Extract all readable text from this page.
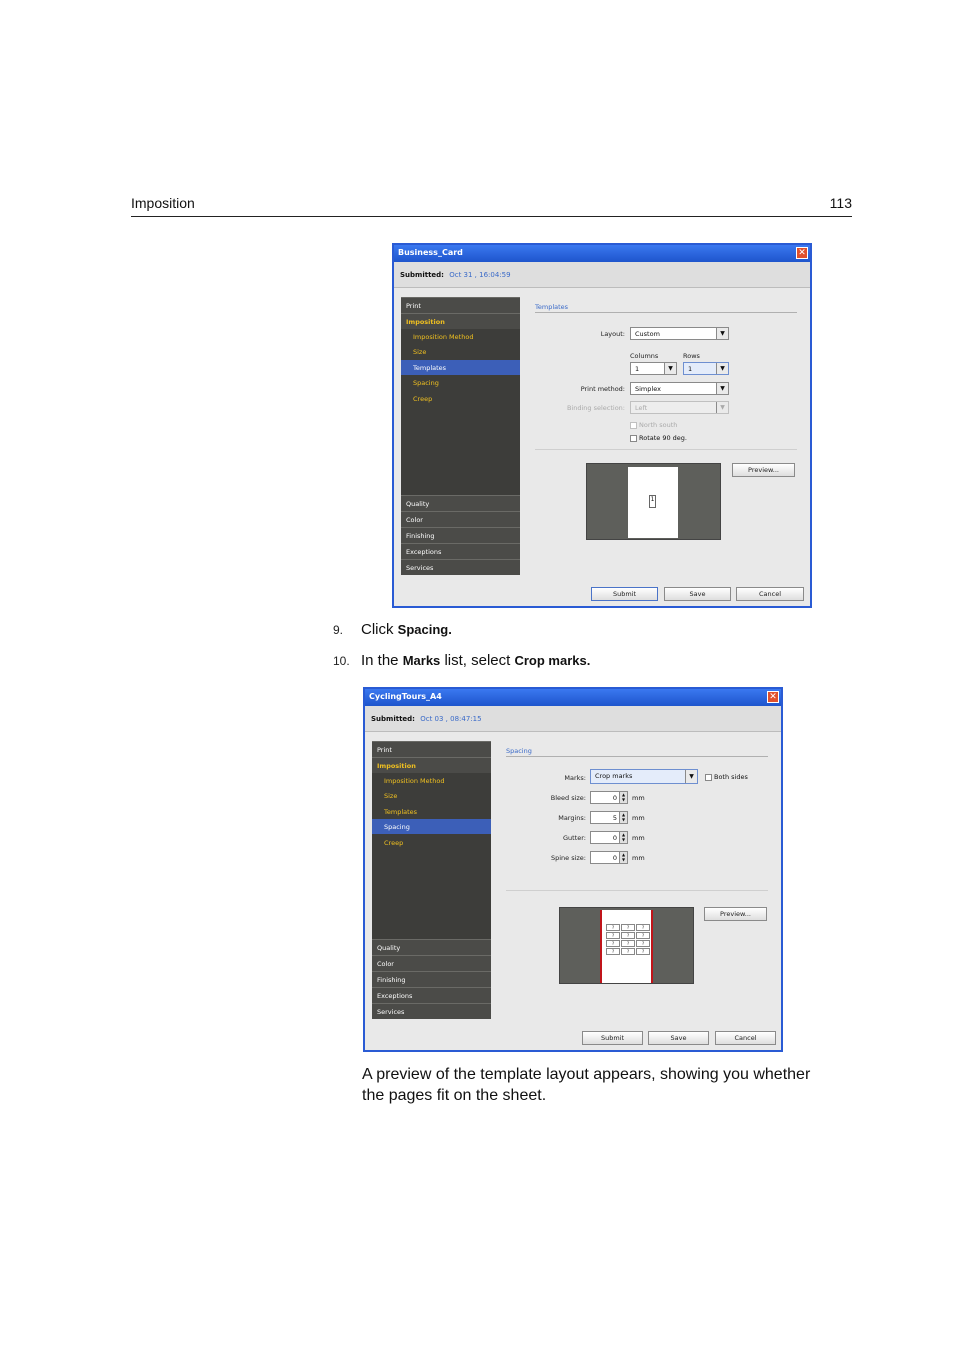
Imposition	113
Business_Card	✕
Submitted: Oct 31 , 16:04:59
Print
Imposition
Imposition Method
Size
Templates
Spacing
Creep
Quality
Color
Finishing
Exceptions
Services
Templates
Layout:	Custom	▼
Columns	Rows
1	▼	1	▼
Print method:	Simplex	▼
Binding selection:	Left	▼
North south
Rotate 90 deg.
1
Preview...
Submit	Save	Cancel
9. Click Spacing.
10. In the Marks list, select Crop marks.
CyclingTours_A4	✕
Submitted: Oct 03 , 08:47:15
Print
Imposition
Imposition Method
Size
Templates
Spacing
Creep
Quality
Color
Finishing
Exceptions
Services
Spacing
Marks:	Crop marks	▼	Both sides
Bleed size:	0	▲
▼	mm
Margins:	5	▲
▼	mm
Gutter:	0	▲
▼	mm
Spine size:	0	▲
▼	mm
?	?	?
?	?	?
?	?	?
?	?	?
Preview...
Submit	Save	Cancel

A preview of the template layout appears, showing you whether the pages fit on the sheet.
